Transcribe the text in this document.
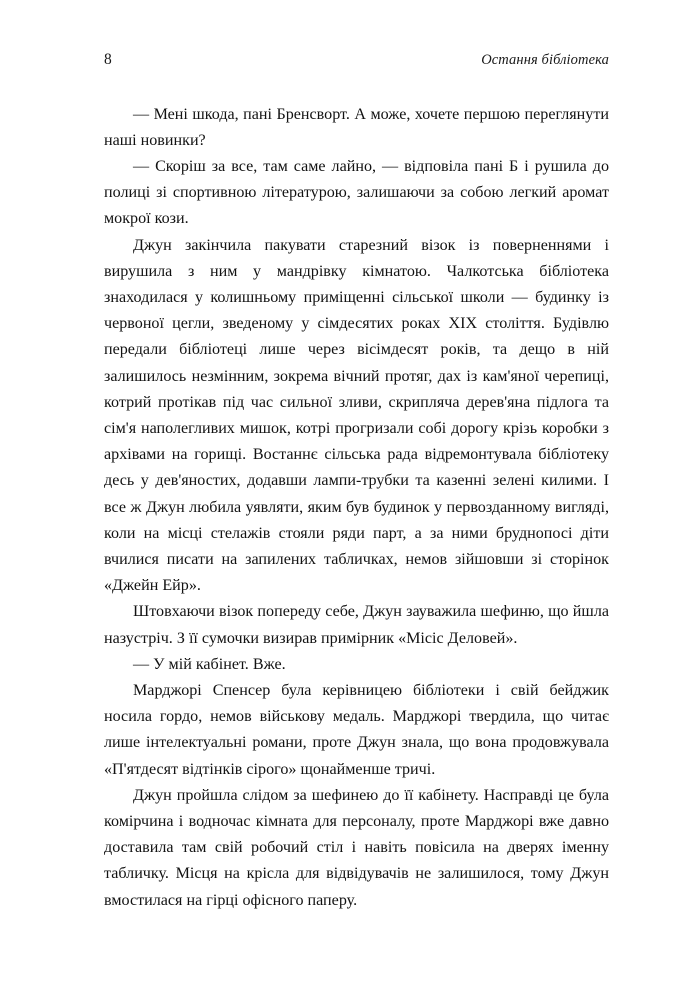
8	Остання бібліотека

— Мені шкода, пані Бренсворт. А може, хочете першою переглянути наші новинки?

— Скоріш за все, там саме лайно, — відповіла пані Б і рушила до полиці зі спортивною літературою, залишаючи за собою легкий аромат мокрої кози.

Джун закінчила пакувати старезний візок із поверненнями і вирушила з ним у мандрівку кімнатою. Чалкотська бібліотека знаходилася у колишньому приміщенні сільської школи — будинку із червоної цегли, зведеному у сімдесятих роках XIX століття. Будівлю передали бібліотеці лише через вісімдесят років, та дещо в ній залишилось незмінним, зокрема вічний протяг, дах із кам'яної черепиці, котрий протікав під час сильної зливи, скрипляча дерев'яна підлога та сім'я наполегливих мишок, котрі прогризали собі дорогу крізь коробки з архівами на горищі. Востаннє сільська рада відремонтувала бібліотеку десь у дев'яностих, додавши лампи-трубки та казенні зелені килими. І все ж Джун любила уявляти, яким був будинок у первозданному вигляді, коли на місці стелажів стояли ряди парт, а за ними бруднопосі діти вчилися писати на запилених табличках, немов зійшовши зі сторінок «Джейн Ейр».

Штовхаючи візок попереду себе, Джун зауважила шефиню, що йшла назустріч. З її сумочки визирав примірник «Місіс Деловей».

— У мій кабінет. Вже.

Марджорі Спенсер була керівницею бібліотеки і свій бейджик носила гордо, немов військову медаль. Марджорі твердила, що читає лише інтелектуальні романи, проте Джун знала, що вона продовжувала «П'ятдесят відтінків сірого» щонайменше тричі.

Джун пройшла слідом за шефинею до її кабінету. Насправді це була комірчина і водночас кімната для персоналу, проте Марджорі вже давно доставила там свій робочий стіл і навіть повісила на дверях іменну табличку. Місця на крісла для відвідувачів не залишилося, тому Джун вмостилася на гірці офісного паперу.
